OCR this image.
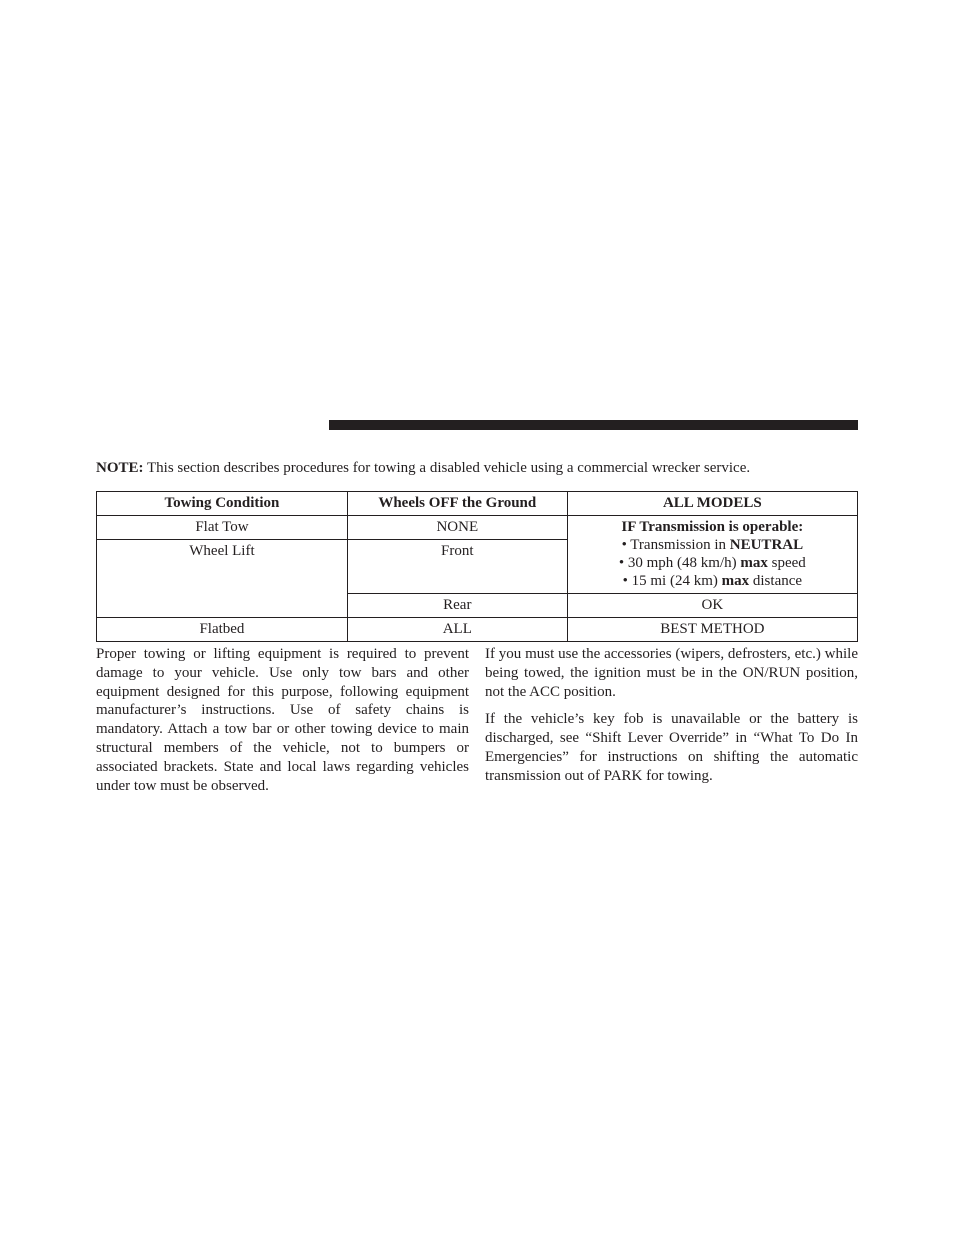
NOTE: This section describes procedures for towing a disabled vehicle using a commercial wrecker service.
Towing Condition	Wheels OFF the Ground	ALL MODELS
Flat Tow	NONE	IF Transmission is operable:
• Transmission in NEUTRAL
• 30 mph (48 km/h) max speed
• 15 mi (24 km) max distance

Wheel Lift	Front	
	Rear	OK
Flatbed	ALL	BEST METHOD

Proper towing or lifting equipment is required to prevent damage to your vehicle. Use only tow bars and other equipment designed for this purpose, following equipment manufacturer’s instructions. Use of safety chains is mandatory. Attach a tow bar or other towing device to main structural members of the vehicle, not to bumpers or associated brackets. State and local laws regarding vehicles under tow must be observed.

If you must use the accessories (wipers, defrosters, etc.) while being towed, the ignition must be in the ON/RUN position, not the ACC position.

If the vehicle’s key fob is unavailable or the battery is discharged, see “Shift Lever Override” in “What To Do In Emergencies” for instructions on shifting the automatic transmission out of PARK for towing.
